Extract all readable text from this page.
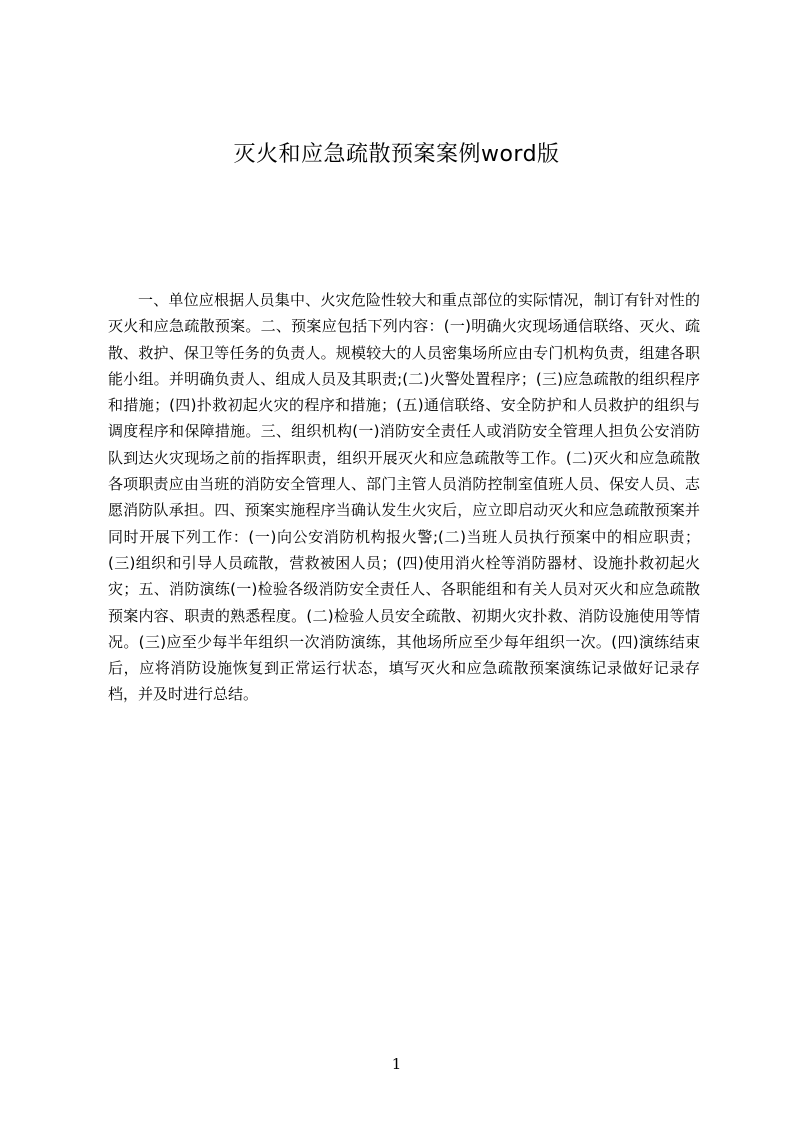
灭火和应急疏散预案案例word版

一、单位应根据人员集中、火灾危险性较大和重点部位的实际情况，制订有针对性的灭火和应急疏散预案。二、预案应包括下列内容：(一)明确火灾现场通信联络、灭火、疏散、救护、保卫等任务的负责人。规模较大的人员密集场所应由专门机构负责，组建各职能小组。并明确负责人、组成人员及其职责;(二)火警处置程序；(三)应急疏散的组织程序和措施；(四)扑救初起火灾的程序和措施；(五)通信联络、安全防护和人员救护的组织与调度程序和保障措施。三、组织机构(一)消防安全责任人或消防安全管理人担负公安消防队到达火灾现场之前的指挥职责，组织开展灭火和应急疏散等工作。(二)灭火和应急疏散各项职责应由当班的消防安全管理人、部门主管人员消防控制室值班人员、保安人员、志愿消防队承担。四、预案实施程序当确认发生火灾后，应立即启动灭火和应急疏散预案并同时开展下列工作：(一)向公安消防机构报火警;(二)当班人员执行预案中的相应职责；(三)组织和引导人员疏散，营救被困人员；(四)使用消火栓等消防器材、设施扑救初起火灾；五、消防演练(一)检验各级消防安全责任人、各职能组和有关人员对灭火和应急疏散预案内容、职责的熟悉程度。(二)检验人员安全疏散、初期火灾扑救、消防设施使用等情况。(三)应至少每半年组织一次消防演练，其他场所应至少每年组织一次。(四)演练结束后，应将消防设施恢复到正常运行状态，填写灭火和应急疏散预案演练记录做好记录存档，并及时进行总结。

1
